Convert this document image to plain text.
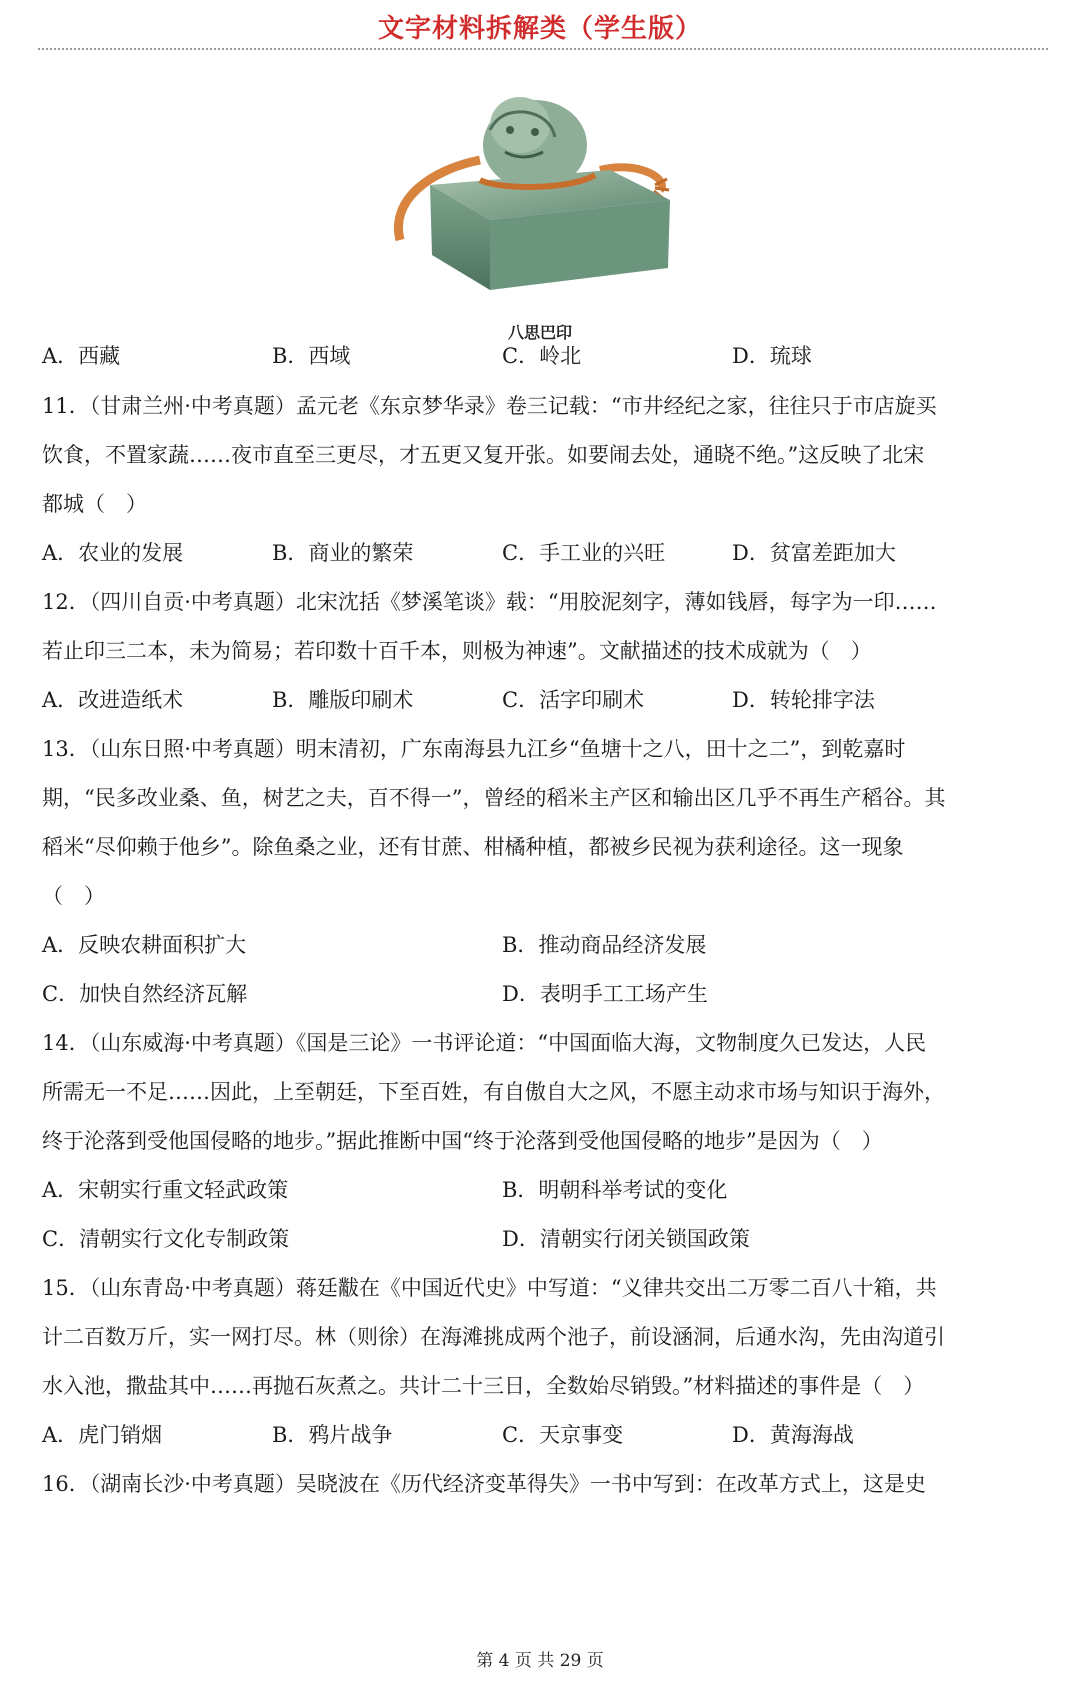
文字材料拆解类（学生版）
八思巴印
A．西藏	B．西域	C．岭北	D．琉球
11．（甘肃兰州·中考真题）孟元老《东京梦华录》卷三记载：“市井经纪之家，往往只于市店旋买
饮食，不置家蔬……夜市直至三更尽，才五更又复开张。如要闹去处，通晓不绝。”这反映了北宋
都城（　）
A．农业的发展	B．商业的繁荣	C．手工业的兴旺	D．贫富差距加大
12．（四川自贡·中考真题）北宋沈括《梦溪笔谈》载：“用胶泥刻字，薄如钱唇，每字为一印……
若止印三二本，未为简易；若印数十百千本，则极为神速”。文献描述的技术成就为（　）
A．改进造纸术	B．雕版印刷术	C．活字印刷术	D．转轮排字法
13．（山东日照·中考真题）明末清初，广东南海县九江乡“鱼塘十之八，田十之二”，到乾嘉时
期，“民多改业桑、鱼，树艺之夫，百不得一”，曾经的稻米主产区和输出区几乎不再生产稻谷。其
稻米“尽仰赖于他乡”。除鱼桑之业，还有甘蔗、柑橘种植，都被乡民视为获利途径。这一现象
（　）
A．反映农耕面积扩大	B．推动商品经济发展
C．加快自然经济瓦解	D．表明手工工场产生
14．（山东威海·中考真题）《国是三论》一书评论道：“中国面临大海，文物制度久已发达，人民
所需无一不足……因此，上至朝廷，下至百姓，有自傲自大之风，不愿主动求市场与知识于海外，
终于沦落到受他国侵略的地步。”据此推断中国“终于沦落到受他国侵略的地步”是因为（　）
A．宋朝实行重文轻武政策	B．明朝科举考试的变化
C．清朝实行文化专制政策	D．清朝实行闭关锁国政策
15．（山东青岛·中考真题）蒋廷黻在《中国近代史》中写道：“义律共交出二万零二百八十箱，共
计二百数万斤，实一网打尽。林（则徐）在海滩挑成两个池子，前设涵洞，后通水沟，先由沟道引
水入池，撒盐其中……再抛石灰煮之。共计二十三日，全数始尽销毁。”材料描述的事件是（　）
A．虎门销烟	B．鸦片战争	C．天京事变	D．黄海海战
16．（湖南长沙·中考真题）吴晓波在《历代经济变革得失》一书中写到：在改革方式上，这是史
第 4 页 共 29 页
